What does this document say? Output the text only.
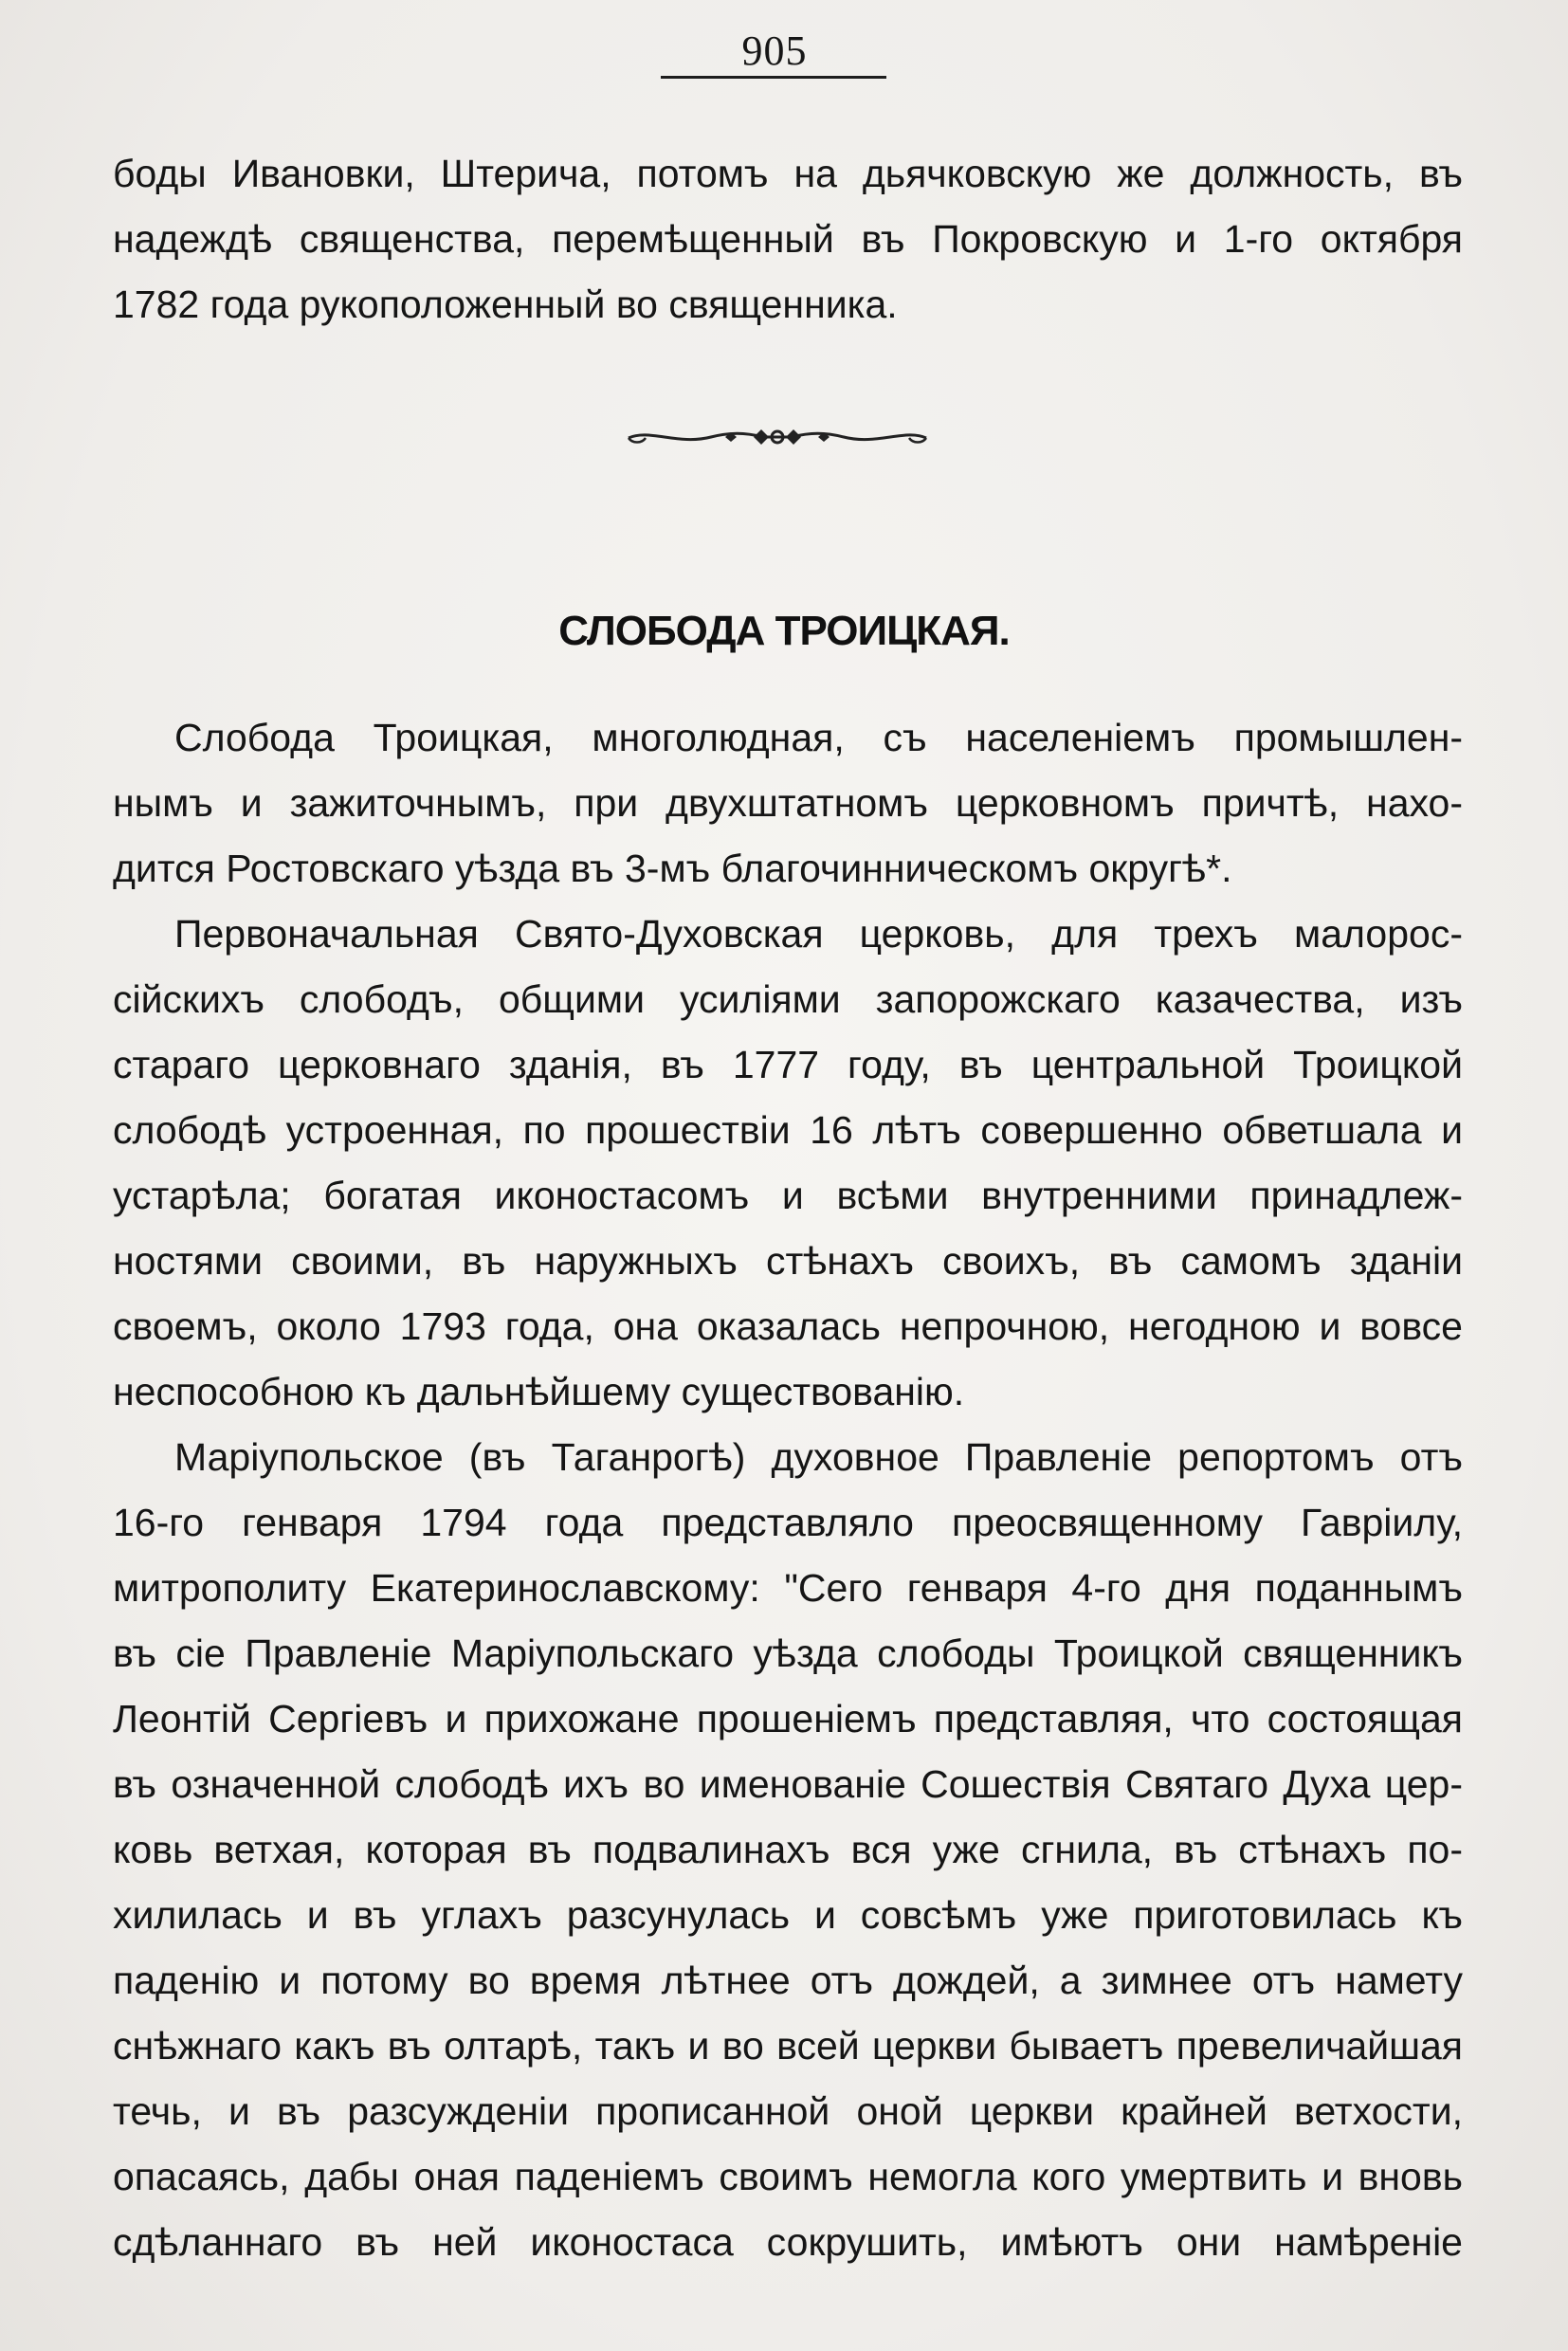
905
боды Ивановки, Штерича, потомъ на дьячковскую же должность, въ
надеждѣ священства, перемѣщенный въ Покровскую и 1-го октября
1782 года рукоположенный во священника.
СЛОБОДА ТРОИЦКАЯ.
Слобода Троицкая, многолюдная, съ населеніемъ промышлен-
нымъ и зажиточнымъ, при двухштатномъ церковномъ причтѣ, нахо-
дится Ростовскаго уѣзда въ 3-мъ благочинническомъ округѣ*.
Первоначальная Свято-Духовская церковь, для трехъ малорос-
сійскихъ слободъ, общими усиліями запорожскаго казачества, изъ
стараго церковнаго зданія, въ 1777 году, въ центральной Троицкой
слободѣ устроенная, по прошествіи 16 лѣтъ совершенно обветшала и
устарѣла; богатая иконостасомъ и всѣми внутренними принадлеж-
ностями своими, въ наружныхъ стѣнахъ своихъ, въ самомъ зданіи
своемъ, около 1793 года, она оказалась непрочною, негодною и вовсе
неспособною къ дальнѣйшему существованію.
Маріупольское (въ Таганрогѣ) духовное Правленіе репортомъ отъ
16-го генваря 1794 года представляло преосвященному Гавріилу,
митрополиту Екатеринославскому: "Сего генваря 4-го дня поданнымъ
въ сіе Правленіе Маріупольскаго уѣзда слободы Троицкой священникъ
Леонтій Сергіевъ и прихожане прошеніемъ представляя, что состоящая
въ означенной слободѣ ихъ во именованіе Сошествія Святаго Духа цер-
ковь ветхая, которая въ подвалинахъ вся уже сгнила, въ стѣнахъ по-
хилилась и въ углахъ разсунулась и совсѣмъ уже приготовилась къ
паденію и потому во время лѣтнее отъ дождей, а зимнее отъ намету
снѣжнаго какъ въ олтарѣ, такъ и во всей церкви бываетъ превеличайшая
течь, и въ разсужденіи прописанной оной церкви крайней ветхости,
опасаясь, дабы оная паденіемъ своимъ немогла кого умертвить и вновь
сдѣланнаго въ ней иконостаса сокрушить, имѣютъ они намѣреніе
